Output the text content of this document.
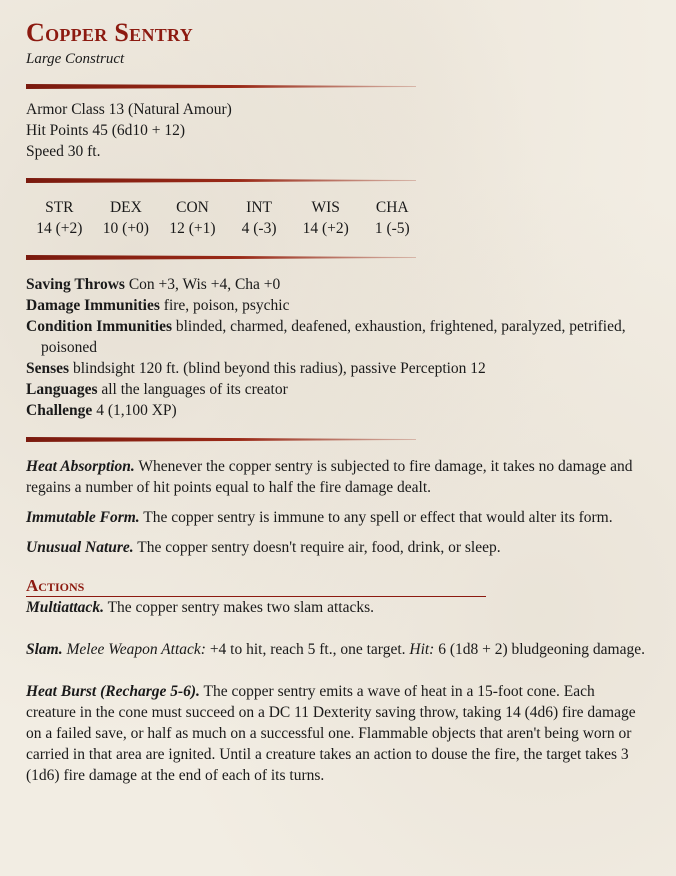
Copper Sentry

Large Construct

Armor Class 13 (Natural Amour)

Hit Points 45 (6d10 + 12)

Speed 30 ft.

STR
14 (+2)
DEX
10 (+0)
CON
12 (+1)
INT
4 (-3)
WIS
14 (+2)
CHA
1 (-5)

Saving Throws Con +3, Wis +4, Cha +0

Damage Immunities fire, poison, psychic

Condition Immunities blinded, charmed, deafened, exhaustion, frightened, paralyzed, petrified, poisoned

Senses blindsight 120 ft. (blind beyond this radius), passive Perception 12

Languages all the languages of its creator

Challenge 4 (1,100 XP)

Heat Absorption. Whenever the copper sentry is subjected to fire damage, it takes no damage and regains a number of hit points equal to half the fire damage dealt.

Immutable Form. The copper sentry is immune to any spell or effect that would alter its form.

Unusual Nature. The copper sentry doesn't require air, food, drink, or sleep.

Actions

Multiattack. The copper sentry makes two slam attacks.

Slam. Melee Weapon Attack: +4 to hit, reach 5 ft., one target. Hit: 6 (1d8 + 2) bludgeoning damage.

Heat Burst (Recharge 5-6). The copper sentry emits a wave of heat in a 15-foot cone. Each creature in the cone must succeed on a DC 11 Dexterity saving throw, taking 14 (4d6) fire damage on a failed save, or half as much on a successful one. Flammable objects that aren't being worn or carried in that area are ignited. Until a creature takes an action to douse the fire, the target takes 3 (1d6) fire damage at the end of each of its turns.
